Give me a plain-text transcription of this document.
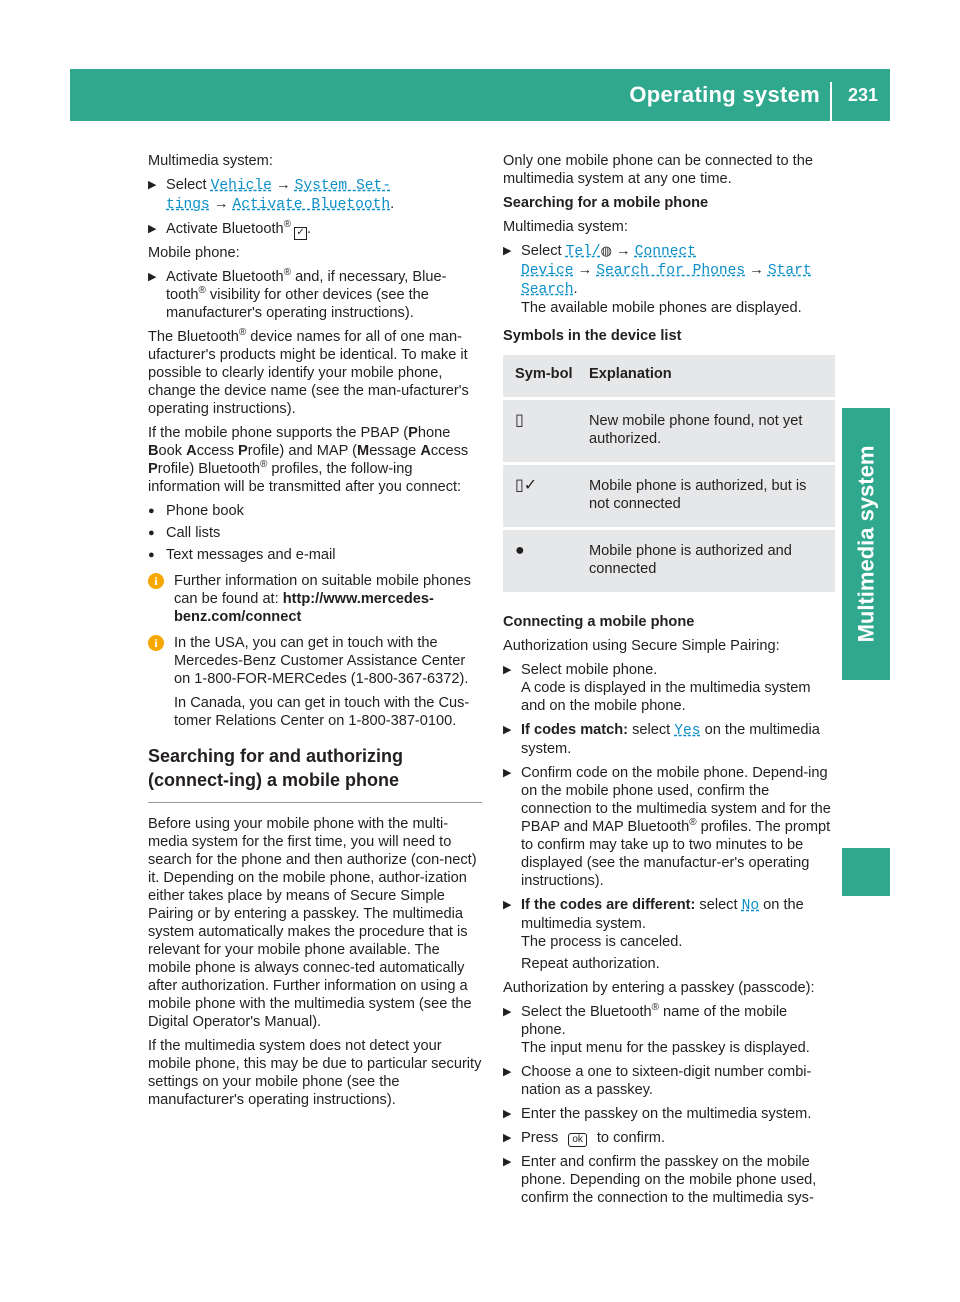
Operating system 231
Multimedia system

Multimedia system:

▶ Select Vehicle → System Set‐
tings → Activate Bluetooth.
▶ Activate Bluetooth®✓ .

Mobile phone:

▶ Activate Bluetooth® and, if necessary, Blue-
tooth® visibility for other devices (see the manufacturer's operating instructions).

The Bluetooth® device names for all of one man-ufacturer's products might be identical. To make it possible to clearly identify your mobile phone, change the device name (see the man-ufacturer's operating instructions).

If the mobile phone supports the PBAP (Phone Book Access Profile) and MAP (Message Access Profile) Bluetooth® profiles, the follow-ing information will be transmitted after you connect:

● Phone book
● Call lists
● Text messages and e-mail
i	Further information on suitable mobile phones can be found at: http://www.mercedes-benz.com/connect
i	In the USA, you can get in touch with the Mercedes-Benz Customer Assistance Center on 1-800-FOR-MERCedes (1-800-367-6372).

In Canada, you can get in touch with the Cus-tomer Relations Center on 1-800-387-0100.

Searching for and authorizing (connect-ing) a mobile phone

Before using your mobile phone with the multi-media system for the first time, you will need to search for the phone and then authorize (con-nect) it. Depending on the mobile phone, author-ization either takes place by means of Secure Simple Pairing or by entering a passkey. The multimedia system automatically makes the procedure that is relevant for your mobile phone available. The mobile phone is always connec-ted automatically after authorization. Further information on using a mobile phone with the multimedia system (see the Digital Operator's Manual).

If the multimedia system does not detect your mobile phone, this may be due to particular security settings on your mobile phone (see the manufacturer's operating instructions).

Only one mobile phone can be connected to the multimedia system at any one time.

Searching for a mobile phone

Multimedia system:

▶ Select Tel/◍ → Connect
Device → Search for Phones → Start
Search.
The available mobile phones are displayed.
Symbols in the device list
Sym-bol	Explanation
▯	New mobile phone found, not yet authorized.
▯✓	Mobile phone is authorized, but is not connected
●	Mobile phone is authorized and connected
Connecting a mobile phone

Authorization using Secure Simple Pairing:

▶ Select mobile phone.
A code is displayed in the multimedia system and on the mobile phone.
▶ If codes match: select Yes on the multimedia system.
▶ Confirm code on the mobile phone. Depend-ing on the mobile phone used, confirm the connection to the multimedia system and for the PBAP and MAP Bluetooth® profiles. The prompt to confirm may take up to two minutes to be displayed (see the manufactur-er's operating instructions).
▶ If the codes are different: select No on the multimedia system.
The process is canceled.

Repeat authorization.

Authorization by entering a passkey (passcode):

▶ Select the Bluetooth® name of the mobile phone.
The input menu for the passkey is displayed.
▶ Choose a one to sixteen-digit number combi-nation as a passkey.
▶ Enter the passkey on the multimedia system.
▶ Press ok to confirm.
▶ Enter and confirm the passkey on the mobile phone. Depending on the mobile phone used, confirm the connection to the multimedia sys-
